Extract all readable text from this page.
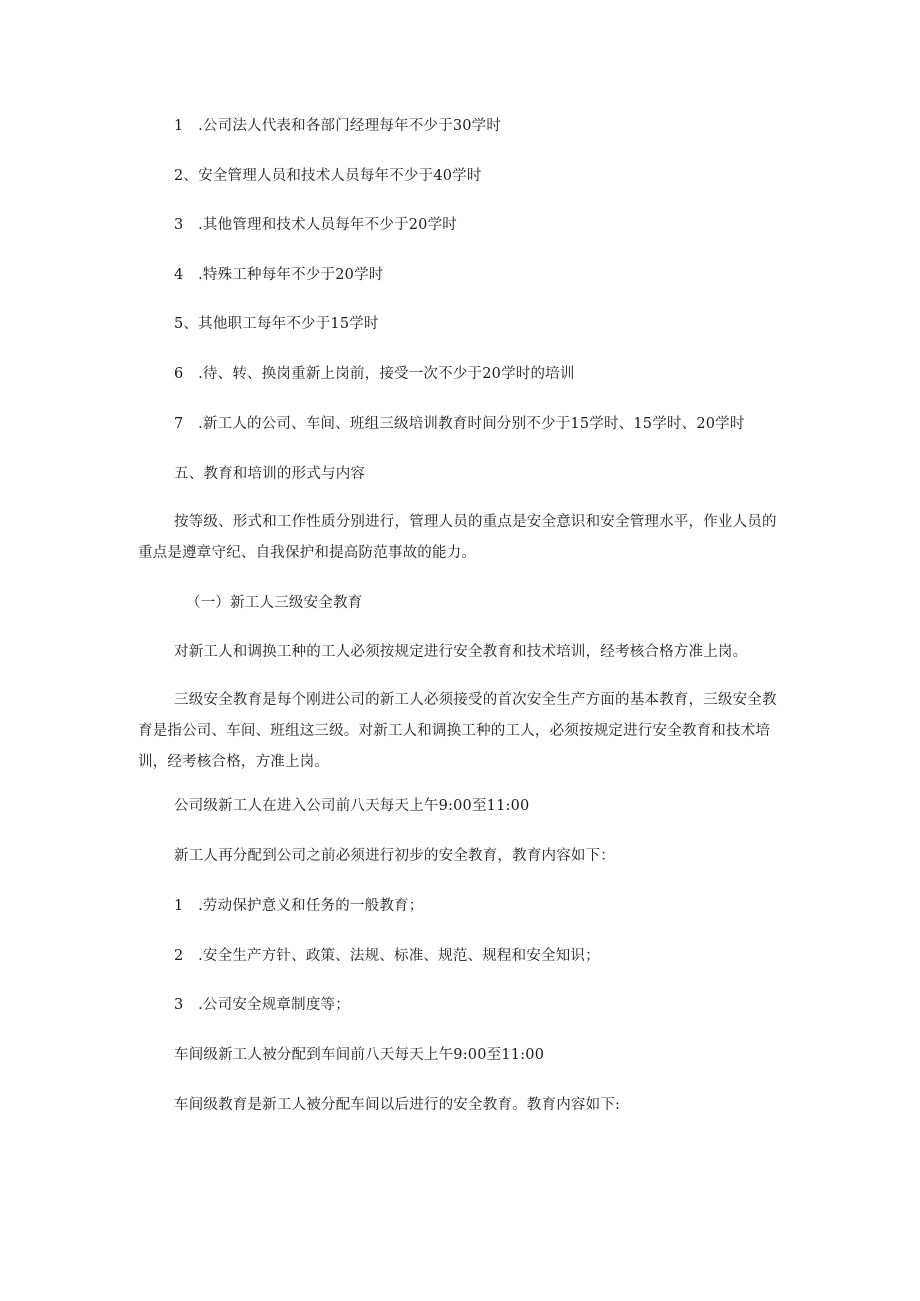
1　.公司法人代表和各部门经理每年不少于30学时
2、安全管理人员和技术人员每年不少于40学时
3　.其他管理和技术人员每年不少于20学时
4　.特殊工种每年不少于20学时
5、其他职工每年不少于15学时
6　.待、转、换岗重新上岗前，接受一次不少于20学时的培训
7　.新工人的公司、车间、班组三级培训教育时间分别不少于15学时、15学时、20学时
五、教育和培训的形式与内容
按等级、形式和工作性质分别进行，管理人员的重点是安全意识和安全管理水平，作业人员的重点是遵章守纪、自我保护和提高防范事故的能力。
（一）新工人三级安全教育
对新工人和调换工种的工人必须按规定进行安全教育和技术培训，经考核合格方准上岗。
三级安全教育是每个刚进公司的新工人必须接受的首次安全生产方面的基本教育，三级安全教育是指公司、车间、班组这三级。对新工人和调换工种的工人，必须按规定进行安全教育和技术培训，经考核合格，方准上岗。
公司级新工人在进入公司前八天每天上午9:00至11:00
新工人再分配到公司之前必须进行初步的安全教育，教育内容如下：
1　.劳动保护意义和任务的一般教育；
2　.安全生产方针、政策、法规、标准、规范、规程和安全知识；
3　.公司安全规章制度等；
车间级新工人被分配到车间前八天每天上午9:00至11:00
车间级教育是新工人被分配车间以后进行的安全教育。教育内容如下:
